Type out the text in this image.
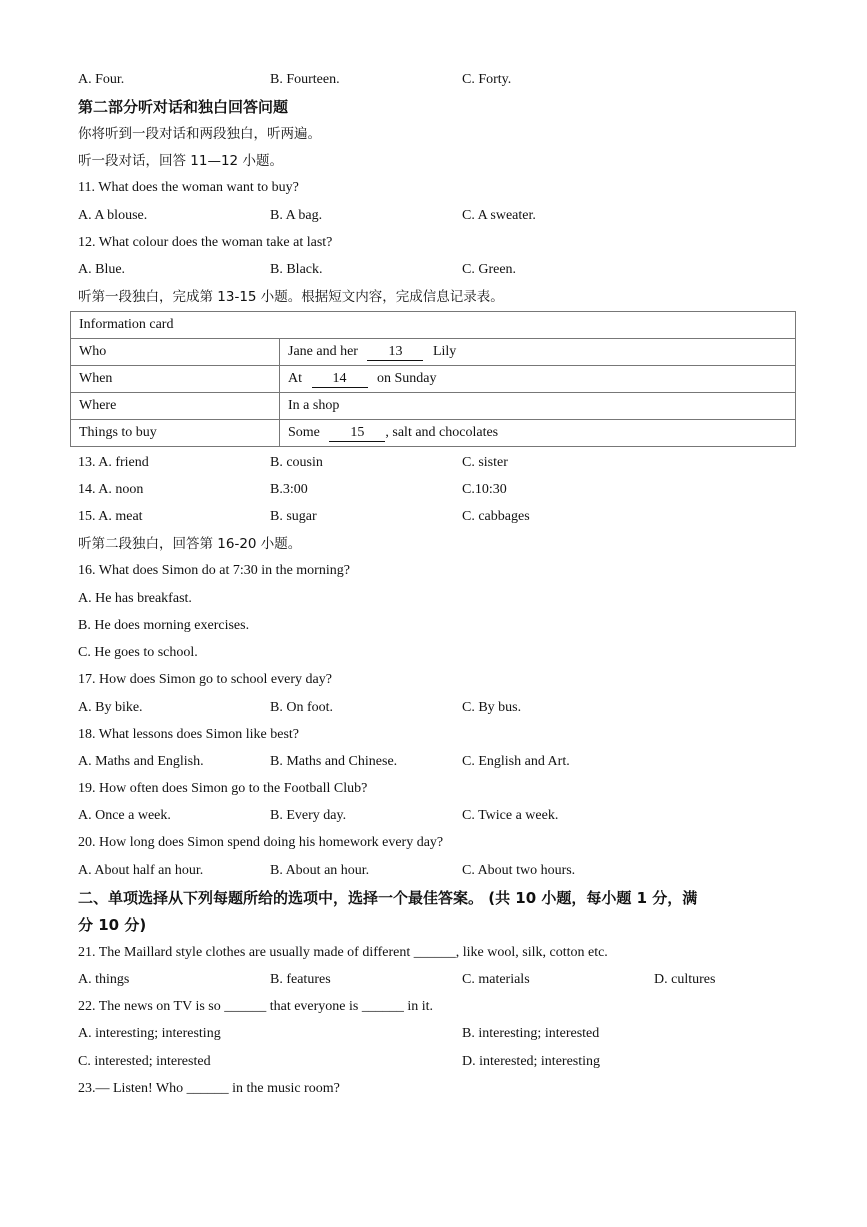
A. Four.	B. Fourteen.	C. Forty.
第二部分听对话和独白回答问题
你将听到一段对话和两段独白，听两遍。
听一段对话，回答 11—12 小题。
11. What does the woman want to buy?
A. A blouse.	B. A bag.	C. A sweater.
12. What colour does the woman take at last?
A. Blue.	B. Black.	C. Green.
听第一段独白，完成第 13-15 小题。根据短文内容，完成信息记录表。
Information card	
Who	Jane and her 13 Lily
When	At 14 on Sunday
Where	In a shop
Things to buy	Some 15 , salt and chocolates
13. A. friend	B. cousin	C. sister
14. A. noon	B.3:00	C.10:30
15. A. meat	B. sugar	C. cabbages
听第二段独白，回答第 16-20 小题。
16. What does Simon do at 7:30 in the morning?
A. He has breakfast.
B. He does morning exercises.
C. He goes to school.
17. How does Simon go to school every day?
A. By bike.	B. On foot.	C. By bus.
18. What lessons does Simon like best?
A. Maths and English.	B. Maths and Chinese.	C. English and Art.
19. How often does Simon go to the Football Club?
A. Once a week.	B. Every day.	C. Twice a week.
20. How long does Simon spend doing his homework every day?
A. About half an hour.	B. About an hour.	C. About two hours.
二、单项选择从下列每题所给的选项中，选择一个最佳答案。 (共 10 小题，每小题 1 分，满
分 10 分)
21. The Maillard style clothes are usually made of different ______, like wool, silk, cotton etc.
A. things	B. features	C. materials	D. cultures
22. The news on TV is so ______ that everyone is ______ in it.
A. interesting; interesting	B. interesting; interested
C. interested; interested	D. interested; interesting
23.— Listen! Who ______ in the music room?
